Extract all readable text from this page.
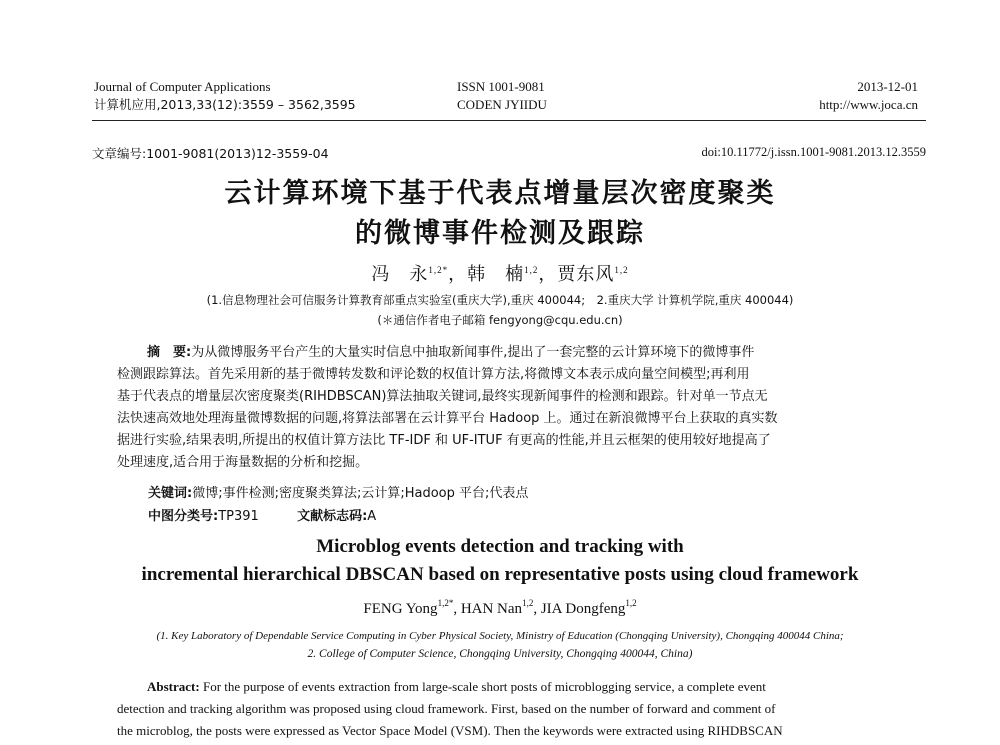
Journal of Computer Applications
计算机应用,2013,33(12):3559 – 3562,3595
ISSN 1001-9081
CODEN JYIIDU
2013-12-01
http://www.joca.cn
文章编号:1001-9081(2013)12-3559-04	doi:10.11772/j.issn.1001-9081.2013.12.3559
云计算环境下基于代表点增量层次密度聚类
的微博事件检测及跟踪
冯　永$^{1,2*}$，韩　楠$^{1,2}$，贾东风$^{1,2}$
(1.信息物理社会可信服务计算教育部重点实验室(重庆大学),重庆 400044;　2.重庆大学 计算机学院,重庆 400044)
(＊通信作者电子邮箱 fengyong@cqu.edu.cn)
摘　要:为从微博服务平台产生的大量实时信息中抽取新闻事件,提出了一套完整的云计算环境下的微博事件
检测跟踪算法。首先采用新的基于微博转发数和评论数的权值计算方法,将微博文本表示成向量空间模型;再利用
基于代表点的增量层次密度聚类(RIHDBSCAN)算法抽取关键词,最终实现新闻事件的检测和跟踪。针对单一节点无
法快速高效地处理海量微博数据的问题,将算法部署在云计算平台 Hadoop 上。通过在新浪微博平台上获取的真实数
据进行实验,结果表明,所提出的权值计算方法比 TF-IDF 和 UF-ITUF 有更高的性能,并且云框架的使用较好地提高了
处理速度,适合用于海量数据的分析和挖掘。
关键词:微博;事件检测;密度聚类算法;云计算;Hadoop 平台;代表点
中图分类号:TP391	文献标志码:A
Microblog events detection and tracking with
incremental hierarchical DBSCAN based on representative posts using cloud framework
FENG Yong$^{1,2*}$, HAN Nan$^{1,2}$, JIA Dongfeng$^{1,2}$
(1. Key Laboratory of Dependable Service Computing in Cyber Physical Society, Ministry of Education (Chongqing University), Chongqing 400044 China;
2. College of Computer Science, Chongqing University, Chongqing 400044, China)
Abstract: For the purpose of events extraction from large-scale short posts of microblogging service, a complete event
detection and tracking algorithm was proposed using cloud framework. First, based on the number of forward and comment of
the microblog, the posts were expressed as Vector Space Model (VSM). Then the keywords were extracted using RIHDBSCAN
